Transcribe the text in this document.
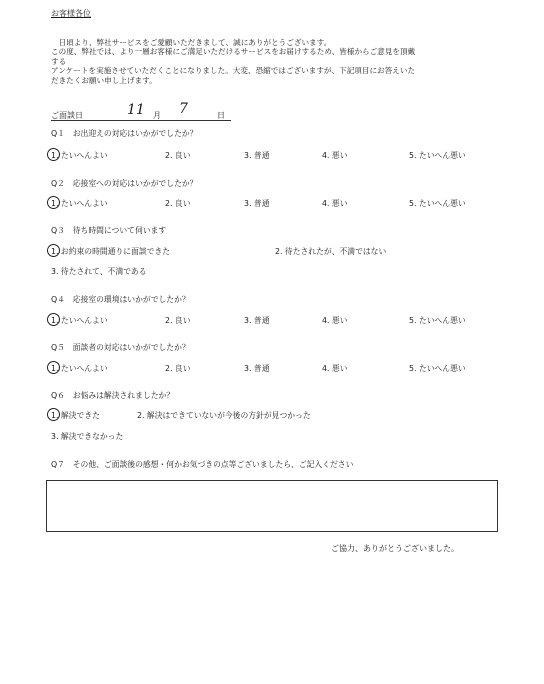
お客様各位
　日頃より、弊社サービスをご愛顧いただきまして、誠にありがとうございます。
この度、弊社では、より一層お客様にご満足いただけるサービスをお届けするため、皆様からご意見を頂戴
する
アンケートを実施させていただくことになりました。大変、恐縮ではございますが、下記項目にお答えいた
だきたくお願い申し上げます。
ご面談日	11 月 7	日
Q１　お出迎えの対応はいかがでしたか？
1. たいへんよい	2. 良い	3. 普通	4. 悪い	5. たいへん悪い
Q２　応接室への対応はいかがでしたか？
1. たいへんよい	2. 良い	3. 普通	4. 悪い	5. たいへん悪い
Q３　待ち時間について伺います
1. お約束の時間通りに面談できた	2. 待たされたが、不満ではない
3. 待たされて、不満である
Q４　応接室の環境はいかがでしたか？
1. たいへんよい	2. 良い	3. 普通	4. 悪い	5. たいへん悪い
Q５　面談者の対応はいかがでしたか？
1. たいへんよい	2. 良い	3. 普通	4. 悪い	5. たいへん悪い
Q６　お悩みは解決されましたか？
1. 解決できた	2. 解決はできていないが今後の方針が見つかった
3. 解決できなかった
Q７　その他、ご面談後の感想・何かお気づきの点等ございましたら、ご記入ください
ご協力、ありがとうございました。
